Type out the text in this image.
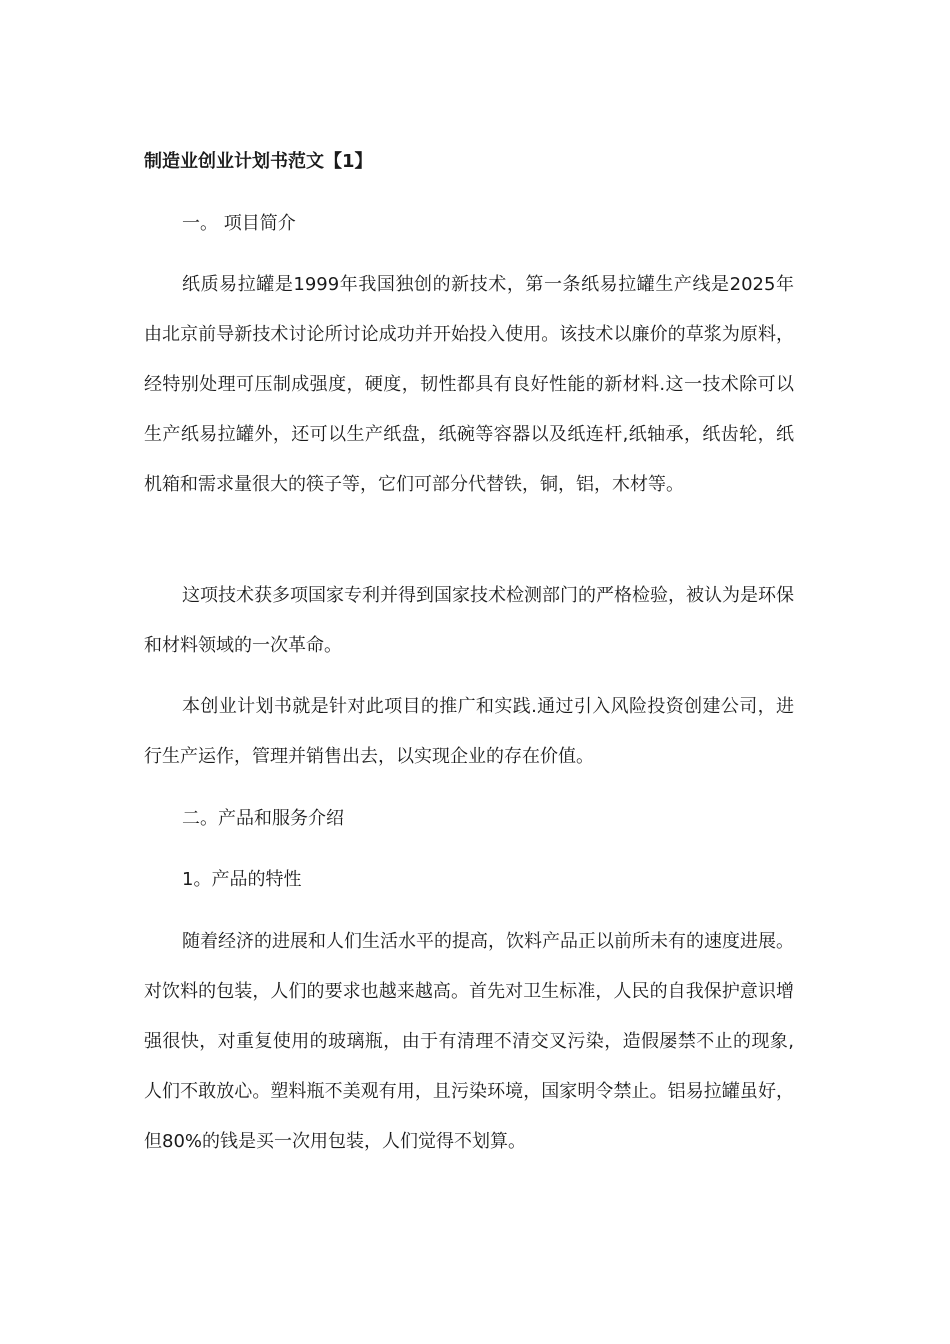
制造业创业计划书范文【1】

一。 项目简介

纸质易拉罐是1999年我国独创的新技术，第一条纸易拉罐生产线是2025年由北京前导新技术讨论所讨论成功并开始投入使用。该技术以廉价的草浆为原料，经特别处理可压制成强度，硬度，韧性都具有良好性能的新材料.这一技术除可以生产纸易拉罐外，还可以生产纸盘，纸碗等容器以及纸连杆,纸轴承，纸齿轮，纸机箱和需求量很大的筷子等，它们可部分代替铁，铜，铝，木材等。

这项技术获多项国家专利并得到国家技术检测部门的严格检验，被认为是环保和材料领域的一次革命。

本创业计划书就是针对此项目的推广和实践.通过引入风险投资创建公司，进行生产运作，管理并销售出去，以实现企业的存在价值。

二。产品和服务介绍

1。产品的特性

随着经济的进展和人们生活水平的提高，饮料产品正以前所未有的速度进展。对饮料的包装，人们的要求也越来越高。首先对卫生标准，人民的自我保护意识增强很快，对重复使用的玻璃瓶，由于有清理不清交叉污染，造假屡禁不止的现象,人们不敢放心。塑料瓶不美观有用，且污染环境，国家明令禁止。铝易拉罐虽好，但80%的钱是买一次用包装，人们觉得不划算。
